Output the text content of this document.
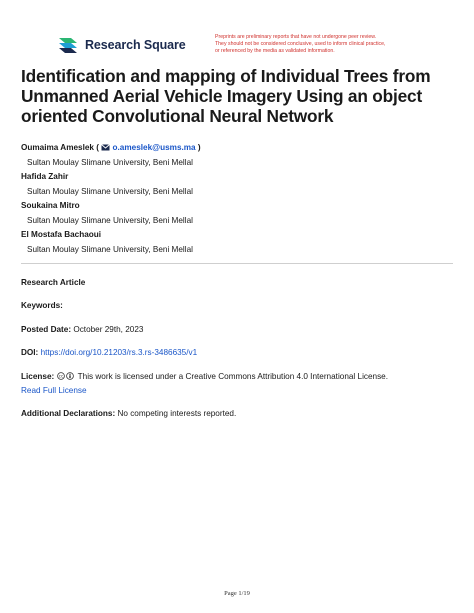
Research Square
Preprints are preliminary reports that have not undergone peer review.
They should not be considered conclusive, used to inform clinical practice,
or referenced by the media as validated information.
Identification and mapping of Individual Trees from Unmanned Aerial Vehicle Imagery Using an object oriented Convolutional Neural Network
Oumaima Ameslek (  o.ameslek@usms.ma )
Sultan Moulay Slimane University, Beni Mellal
Hafida Zahir
Sultan Moulay Slimane University, Beni Mellal
Soukaina Mitro
Sultan Moulay Slimane University, Beni Mellal
El Mostafa Bachaoui
Sultan Moulay Slimane University, Beni Mellal
Research Article
Keywords:
Posted Date: October 29th, 2023
DOI: https://doi.org/10.21203/rs.3.rs-3486635/v1
License: cc This work is licensed under a Creative Commons Attribution 4.0 International License.
Read Full License
Additional Declarations: No competing interests reported.
Page 1/19
